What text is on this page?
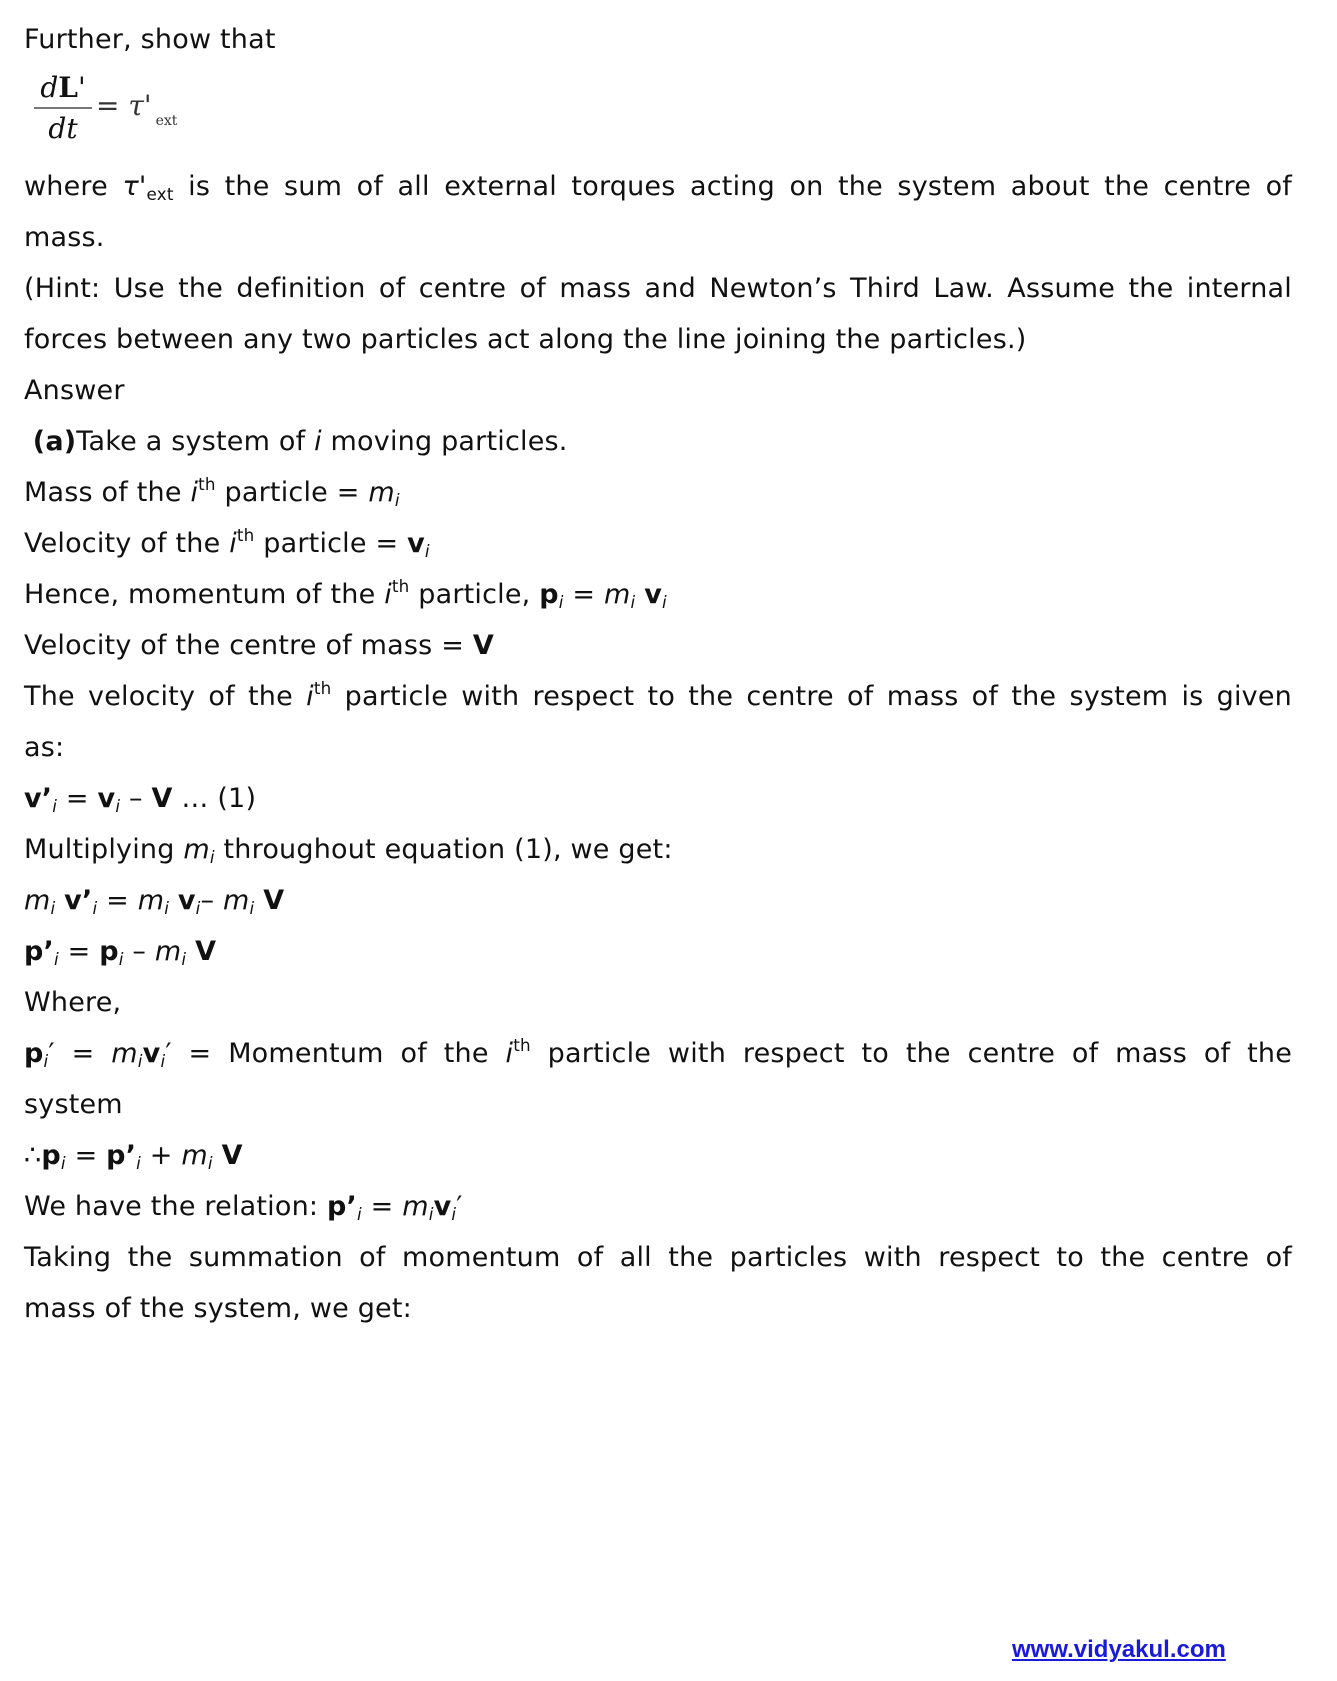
Further, show that
dL'
dt
= τ' $_{ext}$
where $\tau'_{ext}$ is the sum of all external torques acting on the system about the centre of
mass.
(Hint: Use the definition of centre of mass and Newton’s Third Law. Assume the internal
forces between any two particles act along the line joining the particles.)
Answer
(a)Take a system of i moving particles.
Mass of the $i^{th}$ particle = $m_i$
Velocity of the $i^{th}$ particle = $v_i$
Hence, momentum of the $i^{th}$ particle, $p_i = m_i$ $v_i$
Velocity of the centre of mass = V
The velocity of the $i^{th}$ particle with respect to the centre of mass of the system is given
as:
$v’_i = v_i - V$ … (1)
Multiplying $m_i$ throughout equation (1), we get:
$m_i$ $v’_i = m_i$ $v_i-$ $m_i$ V
$p’_i = p_i - m_i$ V
Where,
$p_i' = m_iv_i'$ = Momentum of the $i^{th}$ particle with respect to the centre of mass of the
system
$\therefore p_i$ = $p’_i + m_i$ V
We have the relation: $p’_i = m_iv_i'$
Taking the summation of momentum of all the particles with respect to the centre of
mass of the system, we get:
www.vidyakul.com
